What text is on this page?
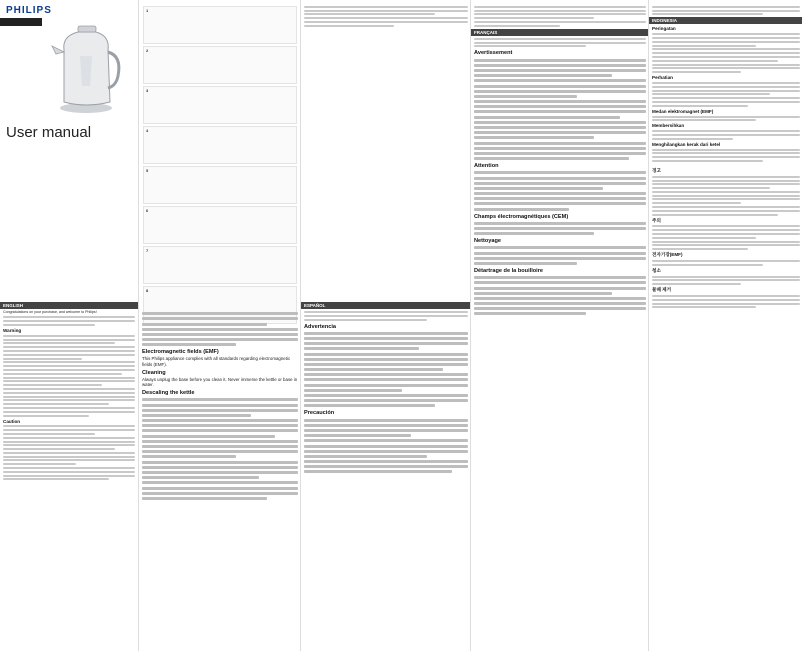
PHILIPS
User manual
ENGLISH
Congratulations on your purchase, and welcome to Philips!
Warning
Caution
1
2
3
4
5
6
7
8
Electromagnetic fields (EMF)
This Philips appliance complies with all standards regarding electromagnetic fields (EMF).
Cleaning
Always unplug the base before you clean it. Never immerse the kettle or base in water.
Descaling the kettle
ESPAÑOL
Advertencia
Precaución
FRANÇAIS
Avertissement
Attention
Champs électromagnétiques (CEM)
Nettoyage
Détartrage de la bouilloire
INDONESIA
Peringatan
Perhatian
Medan elektromagnet (EMF)
Membersihkan
Menghilangkan kerak dari ketel
경고
주의
전자기장(EMF)
청소
물때 제거
